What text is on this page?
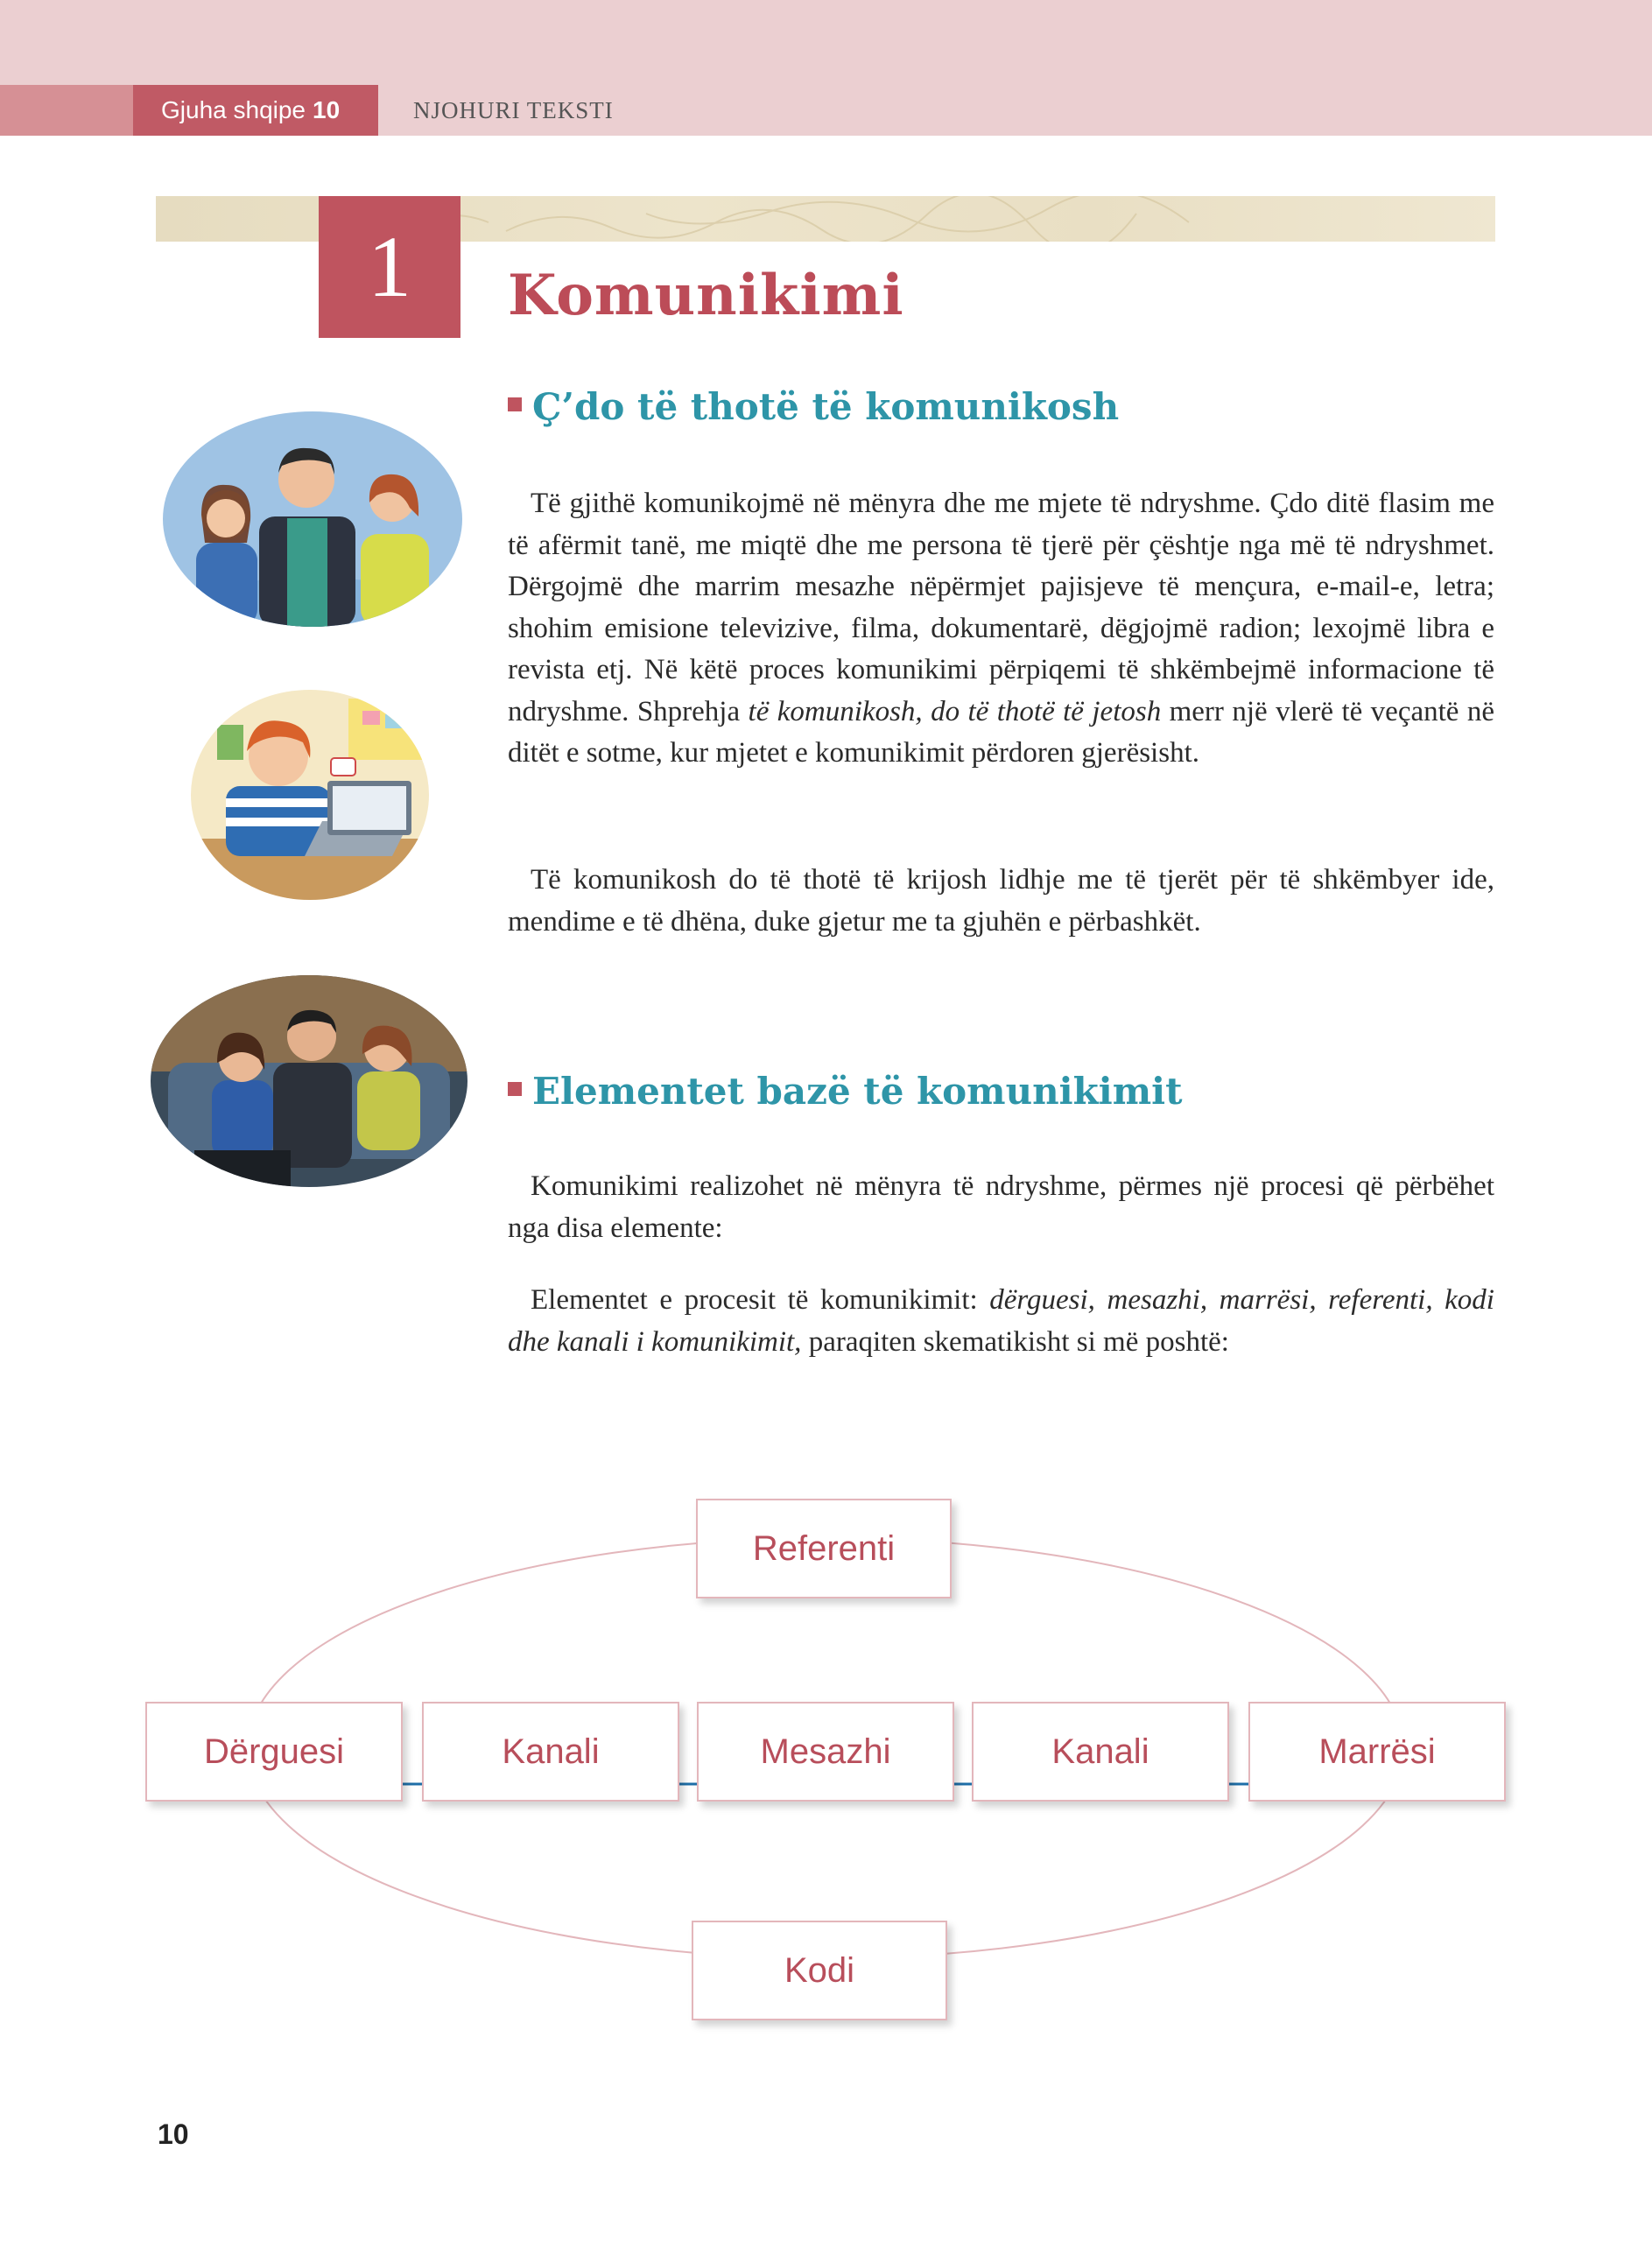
Gjuha shqipe 10	NJOHURI TEKSTI
1	Komunikimi
Ç’do të thotë të komunikosh

Të gjithë komunikojmë në mënyra dhe me mjete të ndryshme. Çdo ditë flasim me të afërmit tanë, me miqtë dhe me persona të tjerë për çështje nga më të ndryshmet. Dërgojmë dhe marrim mesazhe nëpërmjet pajisjeve të mençura, e-mail-e, letra; shohim emisione televizive, filma, dokumentarë, dëgjojmë radion; lexojmë libra e revista etj. Në këtë proces komunikimi përpiqemi të shkëmbejmë informacione të ndryshme. Shprehja të komunikosh, do të thotë të jetosh merr një vlerë të veçantë në ditët e sotme, kur mjetet e komunikimit përdoren gjerësisht.

Të komunikosh do të thotë të krijosh lidhje me të tjerët për të shkëmbyer ide, mendime e të dhëna, duke gjetur me ta gjuhën e përbashkët.

Elementet bazë të komunikimit

Komunikimi realizohet në mënyra të ndryshme, përmes një procesi që përbëhet nga disa elemente:

Elementet e procesit të komunikimit: dërguesi, mesazhi, marrësi, referenti, kodi dhe kanali i komunikimit, paraqiten skematikisht si më poshtë:

Referenti
Dërguesi	Kanali	Mesazhi	Kanali	Marrësi
Kodi
10
